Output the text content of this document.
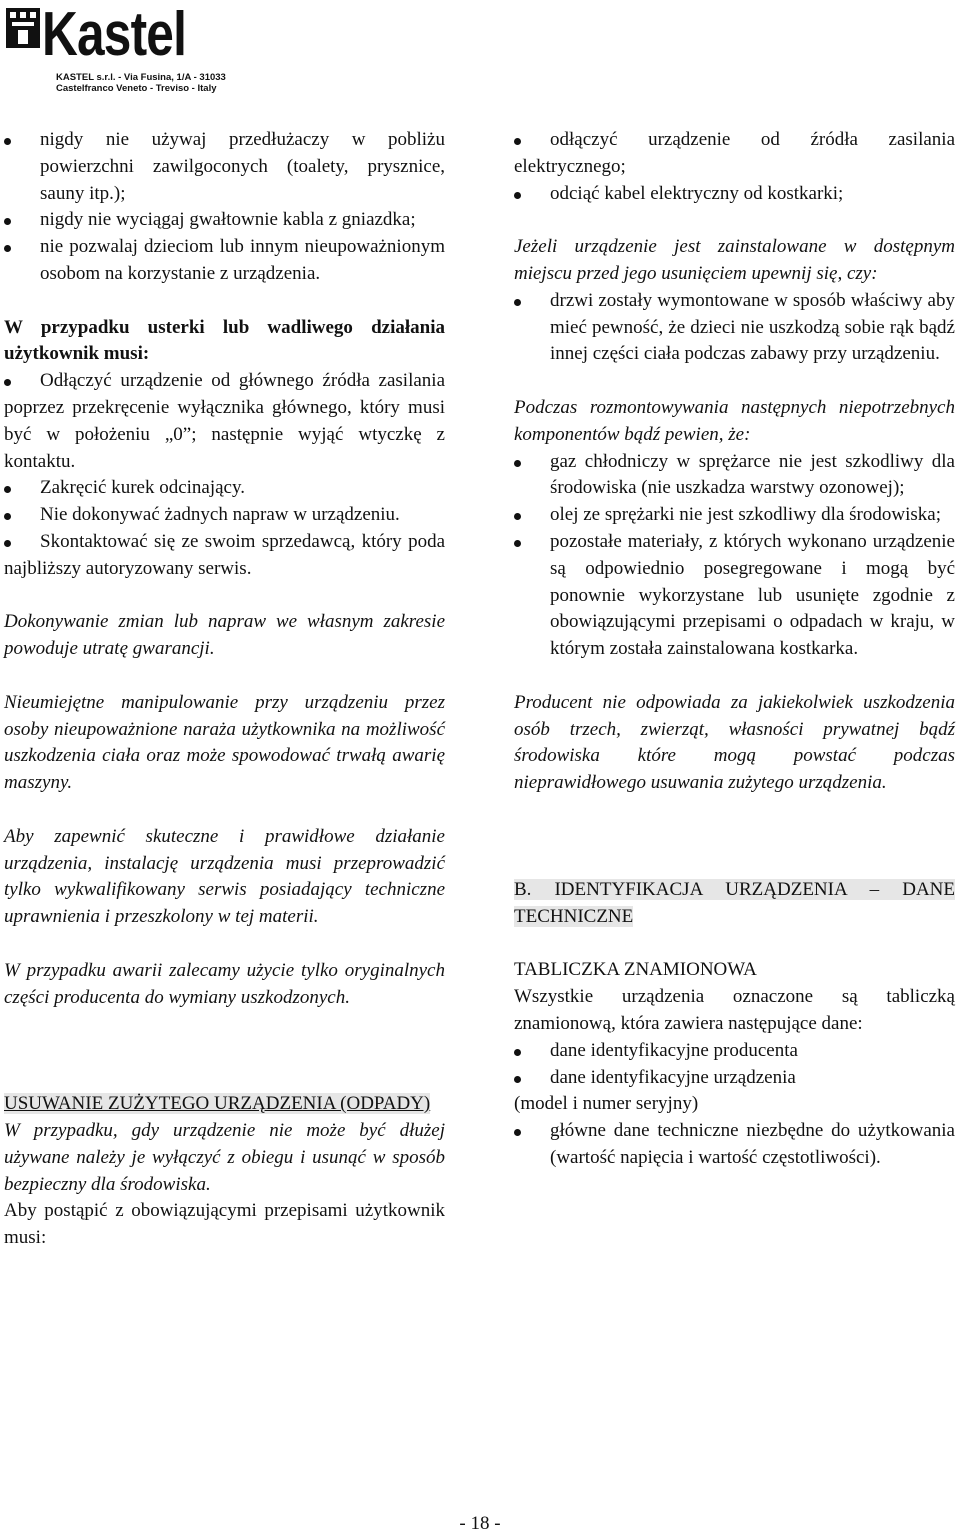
Kastel
KASTEL s.r.l. - Via Fusina, 1/A - 31033
Castelfranco Veneto - Treviso - Italy
nigdy nie używaj przedłużaczy w pobliżu powierzchni zawilgoconych (toalety, prysznice, sauny itp.);
nigdy nie wyciągaj gwałtownie kabla z gniazdka;
nie pozwalaj dzieciom lub innym nieupoważnionym osobom na korzystanie z urządzenia.

W przypadku usterki lub wadliwego działania użytkownik musi:

Odłączyć urządzenie od głównego źródła zasilania poprzez przekręcenie wyłącznika głównego, który musi być w położeniu „0”; następnie wyjąć wtyczkę z kontaktu.
Zakręcić kurek odcinający.
Nie dokonywać żadnych napraw w urządzeniu.
Skontaktować się ze swoim sprzedawcą, który poda najbliższy autoryzowany serwis.

Dokonywanie zmian lub napraw we własnym zakresie powoduje utratę gwarancji.

Nieumiejętne manipulowanie przy urządzeniu przez osoby nieupoważnione naraża użytkownika na możliwość uszkodzenia ciała oraz może spowodować trwałą awarię maszyny.

Aby zapewnić skuteczne i prawidłowe działanie urządzenia, instalację urządzenia musi przeprowadzić tylko wykwalifikowany serwis posiadający techniczne uprawnienia i przeszkolony w tej materii.

W przypadku awarii zalecamy użycie tylko oryginalnych części producenta do wymiany uszkodzonych.

USUWANIE ZUŻYTEGO URZĄDZENIA (ODPADY)

W przypadku, gdy urządzenie nie może być dłużej używane należy je wyłączyć z obiegu i usunąć w sposób bezpieczny dla środowiska.

Aby postąpić z obowiązującymi przepisami użytkownik musi:

odłączyć urządzenie od źródła zasilania elektrycznego;
odciąć kabel elektryczny od kostkarki;

Jeżeli urządzenie jest zainstalowane w dostępnym miejscu przed jego usunięciem upewnij się, czy:

drzwi zostały wymontowane w sposób właściwy aby mieć pewność, że dzieci nie uszkodzą sobie rąk bądź innej części ciała podczas zabawy przy urządzeniu.

Podczas rozmontowywania następnych niepotrzebnych komponentów bądź pewien, że:

gaz chłodniczy w sprężarce nie jest szkodliwy dla środowiska (nie uszkadza warstwy ozonowej);
olej ze sprężarki nie jest szkodliwy dla środowiska;
pozostałe materiały, z których wykonano urządzenie są odpowiednio posegregowane i mogą być ponownie wykorzystane lub usunięte zgodnie z obowiązującymi przepisami o odpadach w kraju, w którym została zainstalowana kostkarka.

Producent nie odpowiada za jakiekolwiek uszkodzenia osób trzech, zwierząt, własności prywatnej bądź środowiska które mogą powstać podczas nieprawidłowego usuwania zużytego urządzenia.

B. IDENTYFIKACJA URZĄDZENIA – DANE TECHNICZNE

TABLICZKA ZNAMIONOWA

Wszystkie urządzenia oznaczone są tabliczką znamionową, która zawiera następujące dane:

dane identyfikacyjne producenta
dane identyfikacyjne urządzenia

(model i numer seryjny)

główne dane techniczne niezbędne do użytkowania (wartość napięcia i wartość częstotliwości).
- 18 -
